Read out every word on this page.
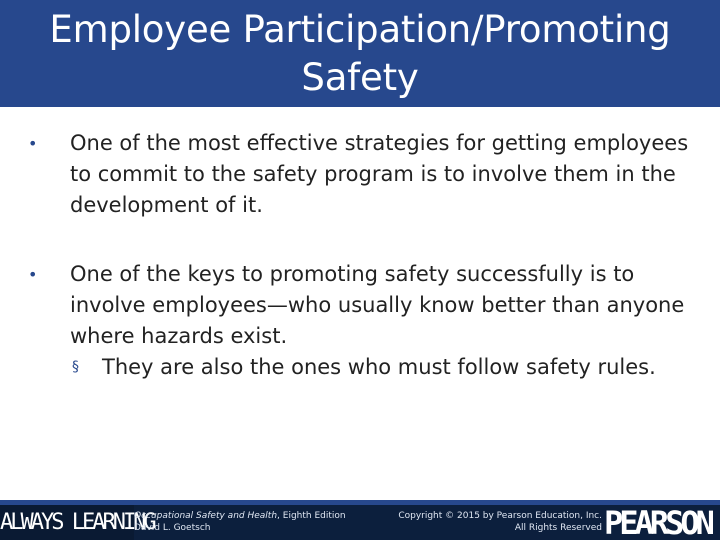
Employee Participation/Promoting Safety

• One of the most effective strategies for getting employees to commit to the safety program is to involve them in the development of it.

• One of the keys to promoting safety successfully is to involve employees—who usually know better than anyone where hazards exist.

§ They are also the ones who must follow safety rules.

ALWAYS LEARNING
Occupational Safety and Health, Eighth Edition
David L. Goetsch
Copyright © 2015 by Pearson Education, Inc.
All Rights Reserved PEARSON
